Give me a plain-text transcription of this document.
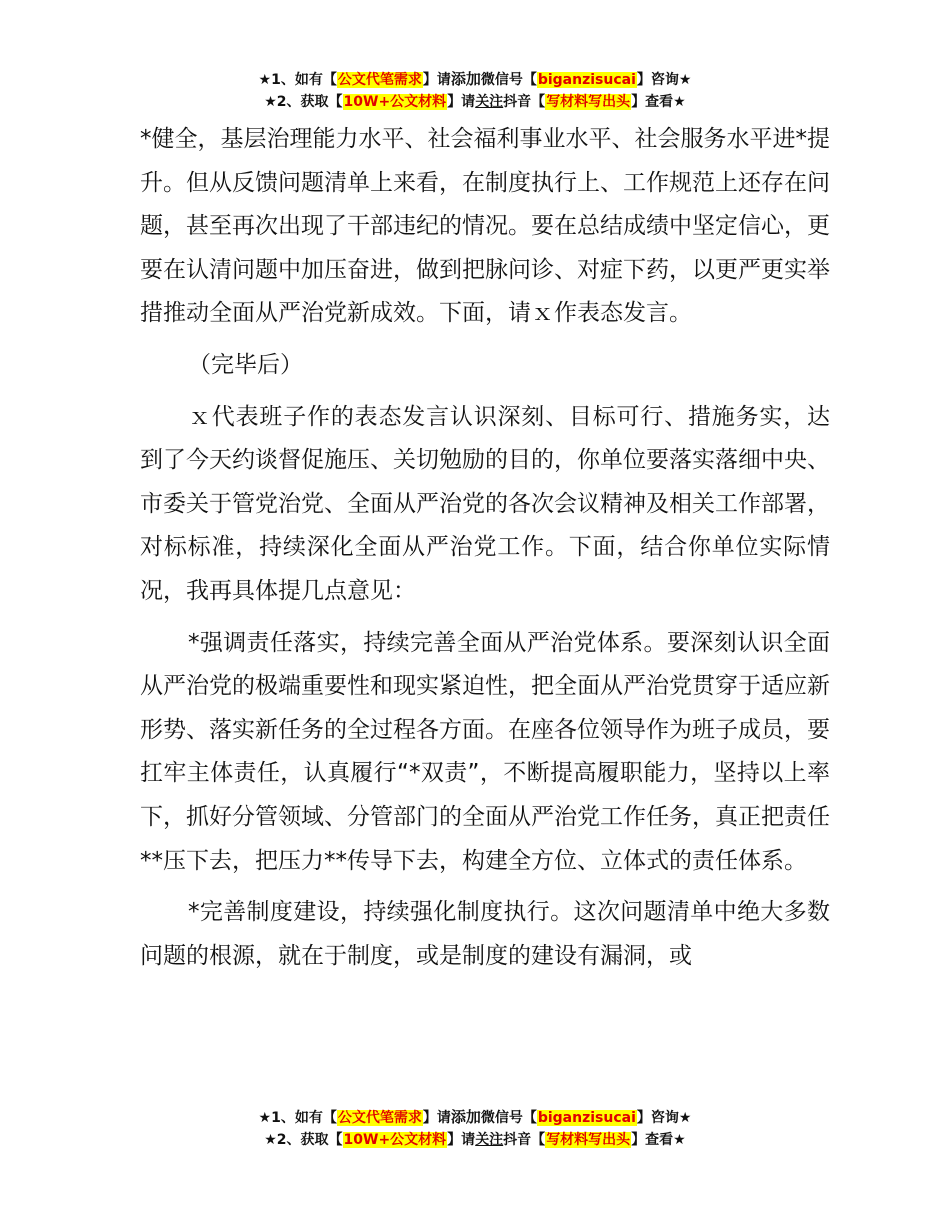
★1、如有【公文代笔需求】请添加微信号【biganzisucai】咨询★
★2、获取【10W+公文材料】请关注抖音【写材料写出头】查看★

*健全，基层治理能力水平、社会福利事业水平、社会服务水平进*提升。但从反馈问题清单上来看，在制度执行上、工作规范上还存在问题，甚至再次出现了干部违纪的情况。要在总结成绩中坚定信心，更要在认清问题中加压奋进，做到把脉问诊、对症下药，以更严更实举措推动全面从严治党新成效。下面，请ｘ作表态发言。

（完毕后）

ｘ代表班子作的表态发言认识深刻、目标可行、措施务实，达到了今天约谈督促施压、关切勉励的目的，你单位要落实落细中央、市委关于管党治党、全面从严治党的各次会议精神及相关工作部署，对标标准，持续深化全面从严治党工作。下面，结合你单位实际情况，我再具体提几点意见：

*强调责任落实，持续完善全面从严治党体系。要深刻认识全面从严治党的极端重要性和现实紧迫性，把全面从严治党贯穿于适应新形势、落实新任务的全过程各方面。在座各位领导作为班子成员，要扛牢主体责任，认真履行“*双责”，不断提高履职能力，坚持以上率下，抓好分管领域、分管部门的全面从严治党工作任务，真正把责任**压下去，把压力**传导下去，构建全方位、立体式的责任体系。

*完善制度建设，持续强化制度执行。这次问题清单中绝大多数问题的根源，就在于制度，或是制度的建设有漏洞，或

★1、如有【公文代笔需求】请添加微信号【biganzisucai】咨询★
★2、获取【10W+公文材料】请关注抖音【写材料写出头】查看★
